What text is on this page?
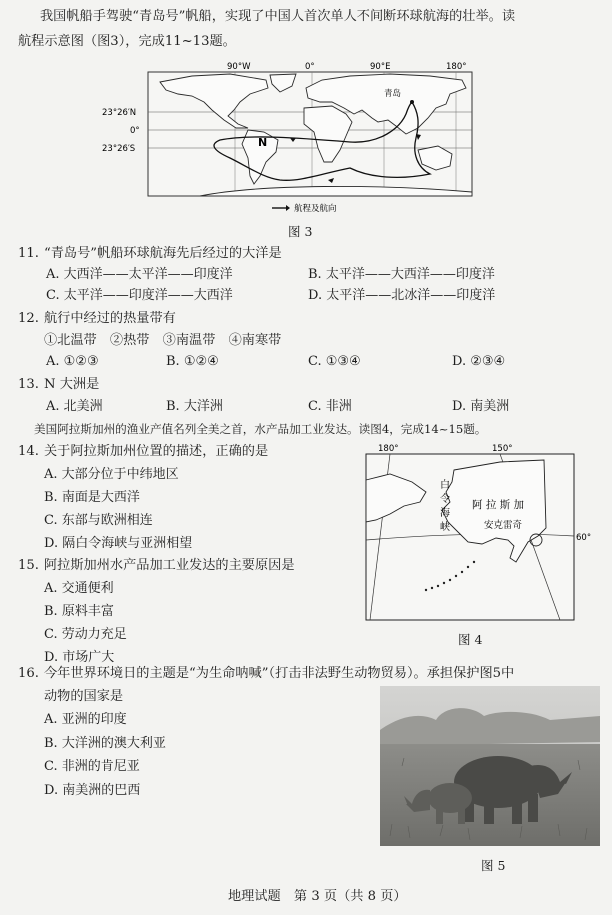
我国帆船手驾驶“青岛号”帆船，实现了中国人首次单人不间断环球航海的壮举。读
航程示意图（图3），完成11~13题。
90°W	0°	90°E	180°
23°26′N
0°
23°26′S	N
青岛
航程及航向
图 3
11. “青岛号”帆船环球航海先后经过的大洋是
A. 大西洋——太平洋——印度洋	B. 太平洋——大西洋——印度洋
C. 太平洋——印度洋——大西洋	D. 太平洋——北冰洋——印度洋
12. 航行中经过的热量带有
①北温带　②热带　③南温带　④南寒带
A. ①②③	B. ①②④	C. ①③④	D. ②③④
13. N 大洲是
A. 北美洲	B. 大洋洲	C. 非洲	D. 南美洲
美国阿拉斯加州的渔业产值名列全美之首，水产品加工业发达。读图4，完成14~15题。
14. 关于阿拉斯加州位置的描述，正确的是
A. 大部分位于中纬地区
B. 南面是大西洋
C. 东部与欧洲相连
D. 隔白令海峡与亚洲相望
15. 阿拉斯加州水产品加工业发达的主要原因是
A. 交通便利
B. 原料丰富
C. 劳动力充足
D. 市场广大
180°	150°
60°
白
令
海
峡
阿 拉 斯 加
安克雷奇
图 4
16. 今年世界环境日的主题是“为生命呐喊”（打击非法野生动物贸易）。承担保护图5中
动物的国家是
A. 亚洲的印度
B. 大洋洲的澳大利亚
C. 非洲的肯尼亚
D. 南美洲的巴西
图 5
地理试题　第 3 页（共 8 页）
